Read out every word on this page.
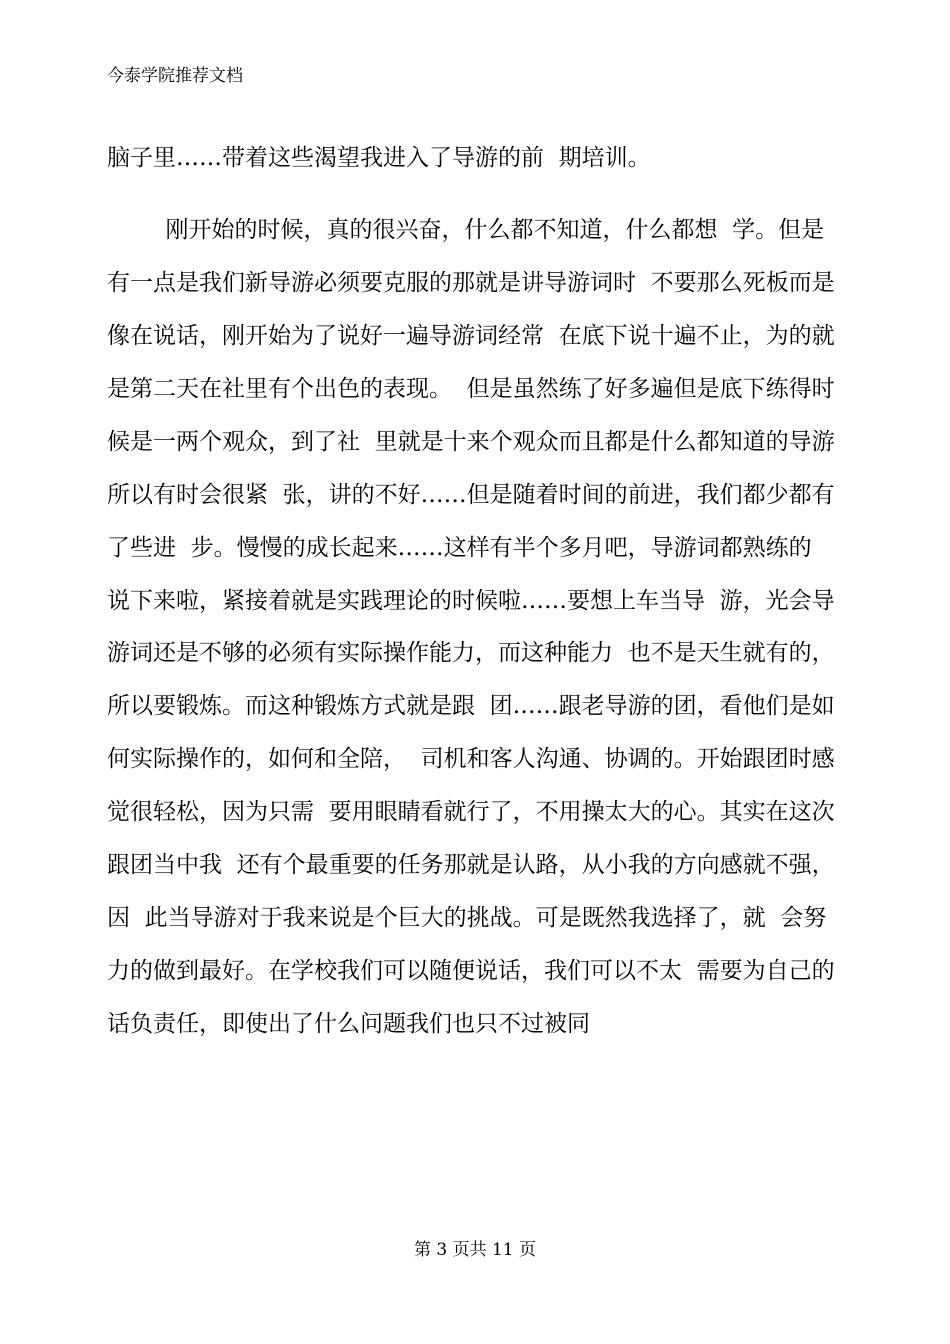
今泰学院推荐文档
脑子里……带着这些渴望我进入了导游的前  期培训。
刚开始的时候，真的很兴奋，什么都不知道，什么都想  学。但是
有一点是我们新导游必须要克服的那就是讲导游词时  不要那么死板而是
像在说话，刚开始为了说好一遍导游词经常  在底下说十遍不止，为的就
是第二天在社里有个出色的表现。  但是虽然练了好多遍但是底下练得时
候是一两个观众，到了社  里就是十来个观众而且都是什么都知道的导游
所以有时会很紧  张，讲的不好……但是随着时间的前进，我们都少都有
了些进  步。慢慢的成长起来……这样有半个多月吧，导游词都熟练的
说下来啦，紧接着就是实践理论的时候啦……要想上车当导  游，光会导
游词还是不够的必须有实际操作能力，而这种能力  也不是天生就有的，
所以要锻炼。而这种锻炼方式就是跟  团……跟老导游的团，看他们是如
何实际操作的，如何和全陪，  司机和客人沟通、协调的。开始跟团时感
觉很轻松，因为只需  要用眼睛看就行了，不用操太大的心。其实在这次
跟团当中我  还有个最重要的任务那就是认路，从小我的方向感就不强，
因  此当导游对于我来说是个巨大的挑战。可是既然我选择了，就  会努
力的做到最好。在学校我们可以随便说话，我们可以不太  需要为自己的
话负责任，即使出了什么问题我们也只不过被同
第 3 页共 11 页
